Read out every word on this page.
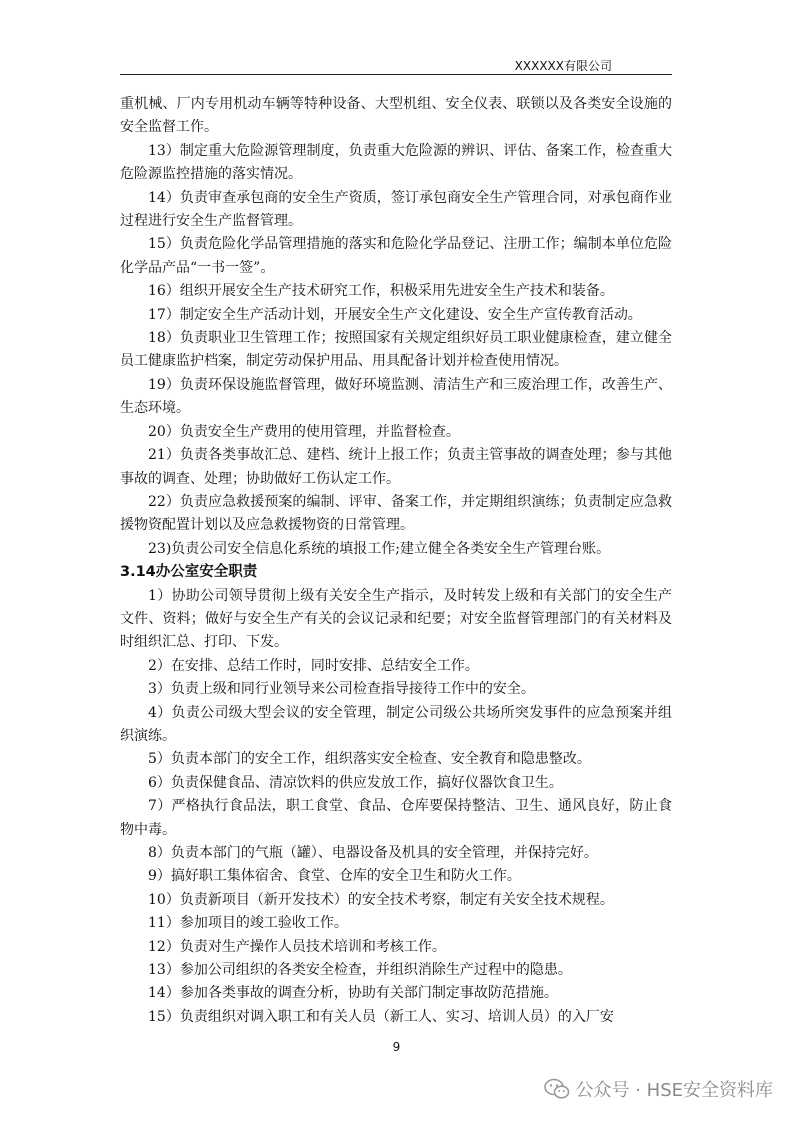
XXXXXX有限公司

重机械、厂内专用机动车辆等特种设备、大型机组、安全仪表、联锁以及各类安全设施的安全监督工作。

13）制定重大危险源管理制度，负责重大危险源的辨识、评估、备案工作，检查重大危险源监控措施的落实情况。

14）负责审查承包商的安全生产资质，签订承包商安全生产管理合同，对承包商作业过程进行安全生产监督管理。

15）负责危险化学品管理措施的落实和危险化学品登记、注册工作；编制本单位危险化学品产品“一书一签”。

16）组织开展安全生产技术研究工作，积极采用先进安全生产技术和装备。

17）制定安全生产活动计划，开展安全生产文化建设、安全生产宣传教育活动。

18）负责职业卫生管理工作；按照国家有关规定组织好员工职业健康检查，建立健全员工健康监护档案，制定劳动保护用品、用具配备计划并检查使用情况。

19）负责环保设施监督管理，做好环境监测、清洁生产和三废治理工作，改善生产、生态环境。

20）负责安全生产费用的使用管理，并监督检查。

21）负责各类事故汇总、建档、统计上报工作；负责主管事故的调查处理；参与其他事故的调查、处理；协助做好工伤认定工作。

22）负责应急救援预案的编制、评审、备案工作，并定期组织演练；负责制定应急救援物资配置计划以及应急救援物资的日常管理。

23)负责公司安全信息化系统的填报工作;建立健全各类安全生产管理台账。

3.14办公室安全职责

1）协助公司领导贯彻上级有关安全生产指示，及时转发上级和有关部门的安全生产文件、资料；做好与安全生产有关的会议记录和纪要；对安全监督管理部门的有关材料及时组织汇总、打印、下发。

2）在安排、总结工作时，同时安排、总结安全工作。

3）负责上级和同行业领导来公司检查指导接待工作中的安全。

4）负责公司级大型会议的安全管理，制定公司级公共场所突发事件的应急预案并组织演练。

5）负责本部门的安全工作，组织落实安全检查、安全教育和隐患整改。

6）负责保健食品、清凉饮料的供应发放工作，搞好仪器饮食卫生。

7）严格执行食品法，职工食堂、食品、仓库要保持整洁、卫生、通风良好，防止食物中毒。

8）负责本部门的气瓶（罐）、电器设备及机具的安全管理，并保持完好。

9）搞好职工集体宿舍、食堂、仓库的安全卫生和防火工作。

10）负责新项目（新开发技术）的安全技术考察，制定有关安全技术规程。

11）参加项目的竣工验收工作。

12）负责对生产操作人员技术培训和考核工作。

13）参加公司组织的各类安全检查，并组织消除生产过程中的隐患。

14）参加各类事故的调查分析，协助有关部门制定事故防范措施。

15）负责组织对调入职工和有关人员（新工人、实习、培训人员）的入厂安

9
公众号 · HSE安全资料库
